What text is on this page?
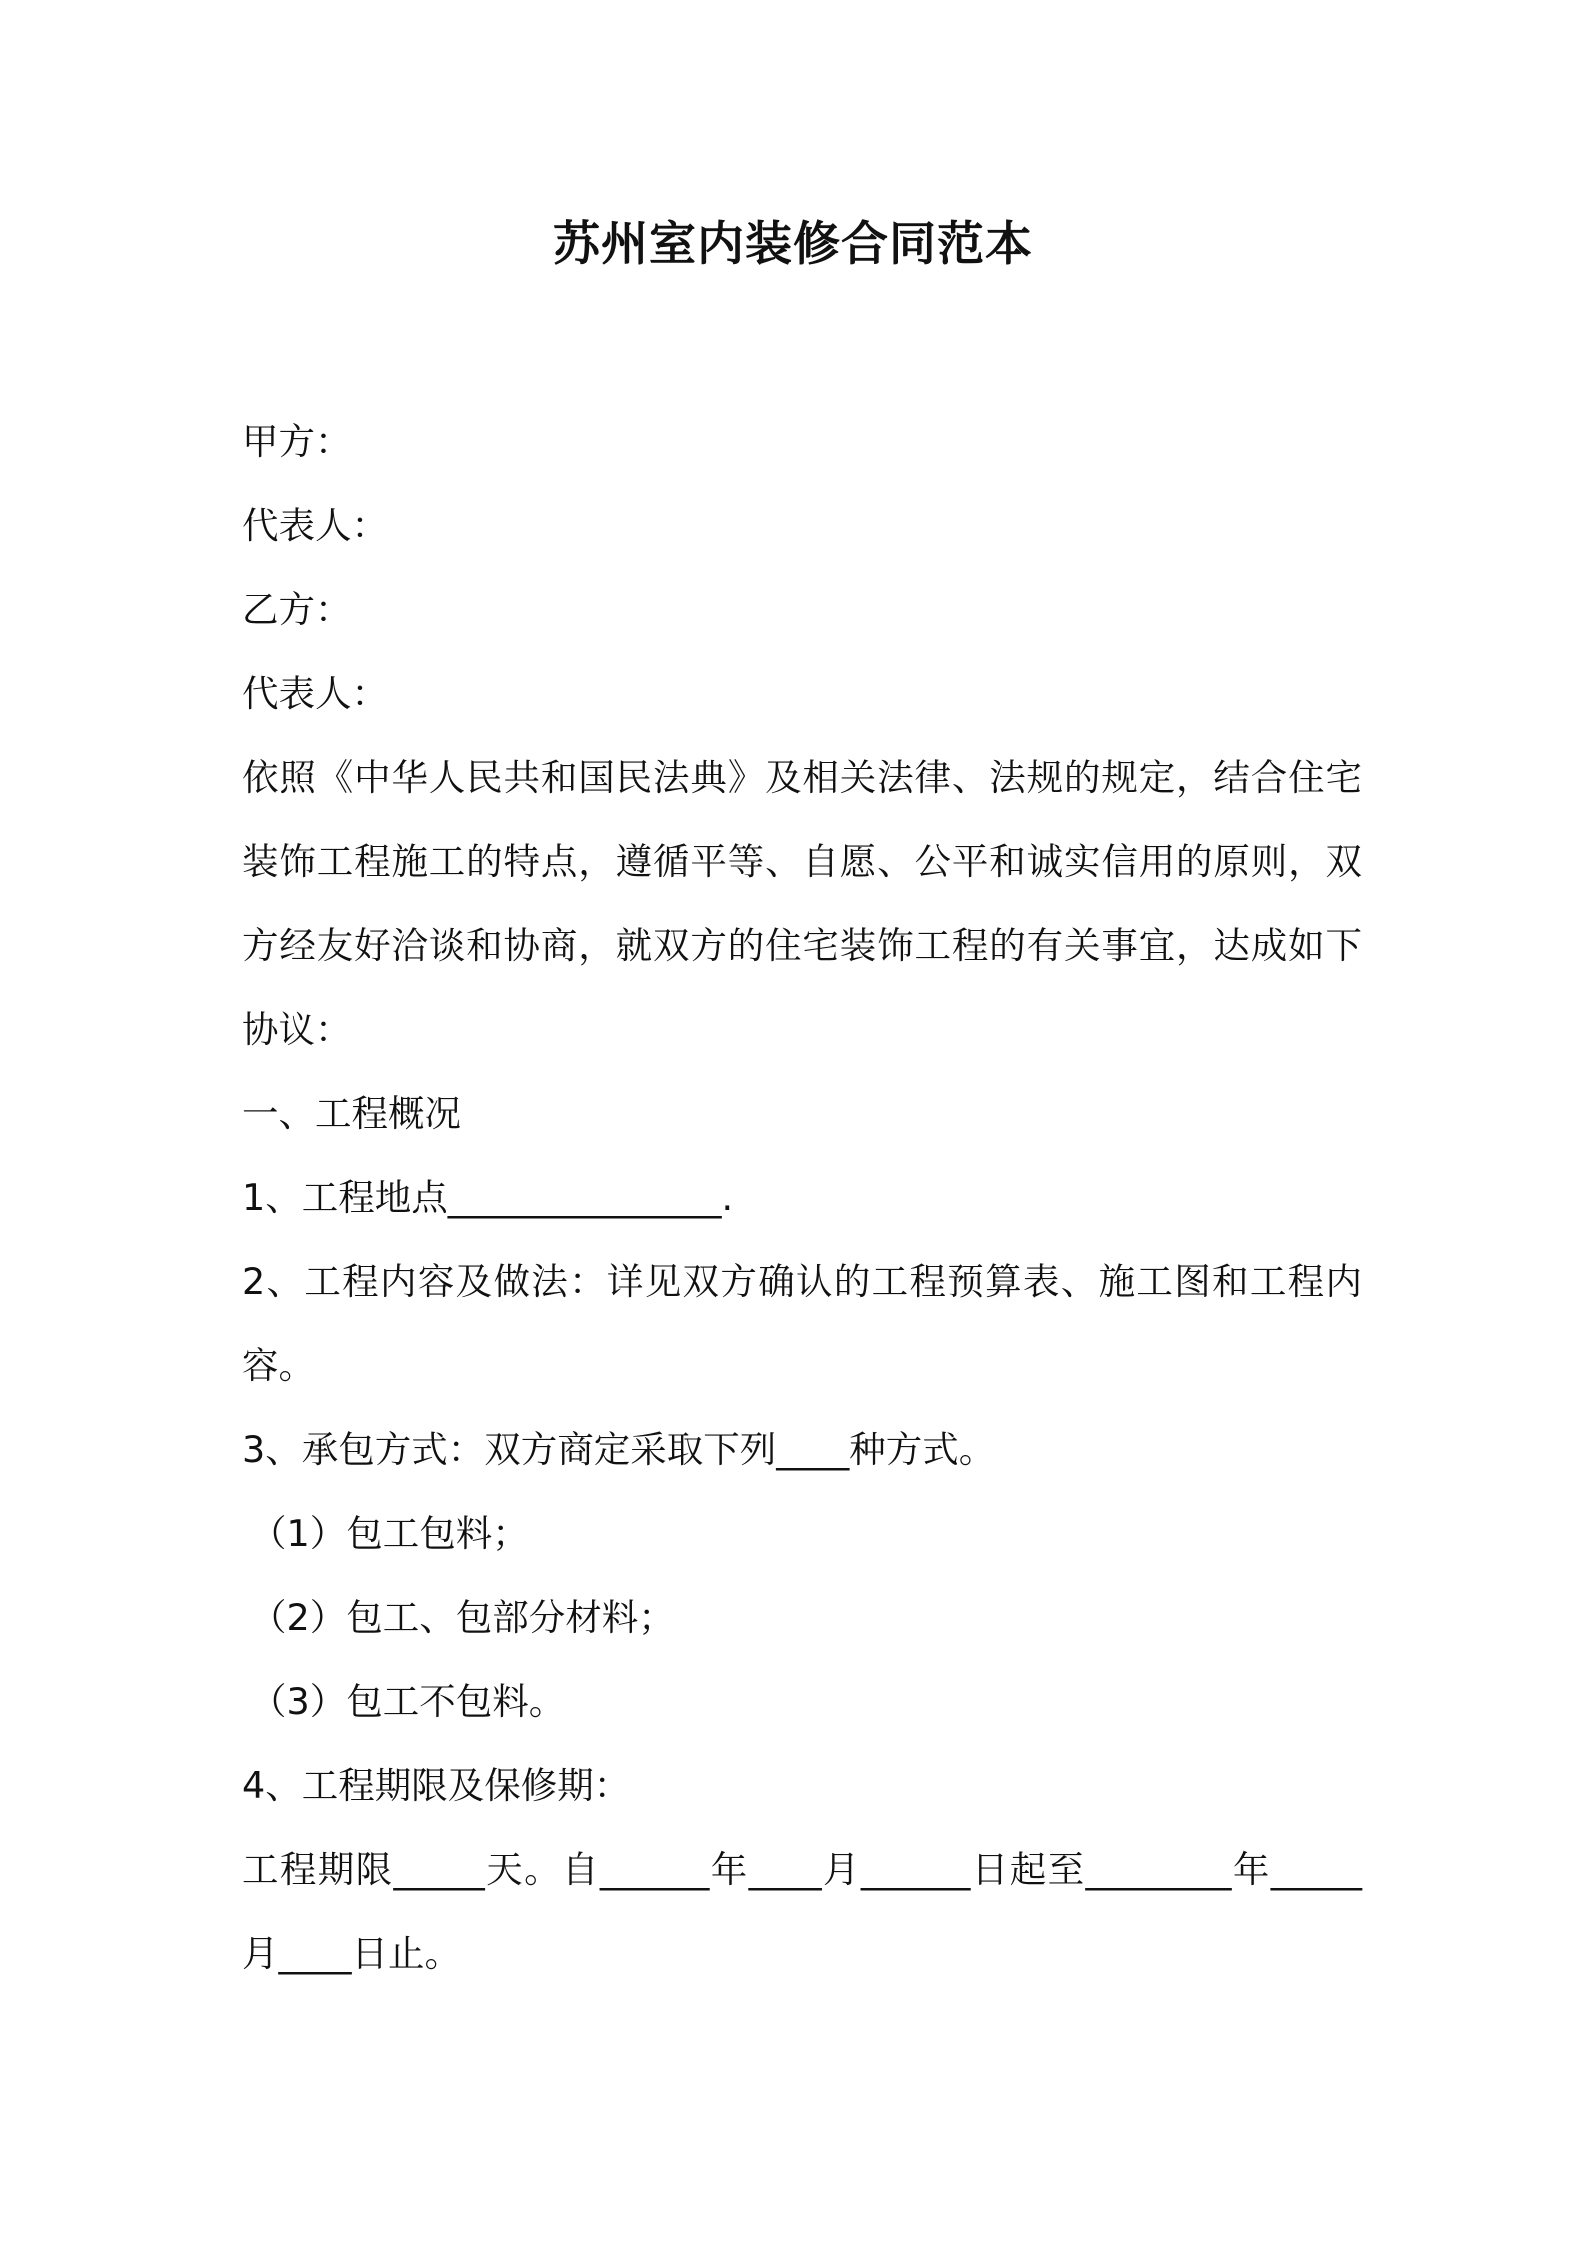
苏州室内装修合同范本

甲方：

代表人：

乙方：

代表人：

依照《中华人民共和国民法典》及相关法律、法规的规定，结合住宅装饰工程施工的特点，遵循平等、自愿、公平和诚实信用的原则，双方经友好洽谈和协商，就双方的住宅装饰工程的有关事宜，达成如下协议：

一、工程概况

1、工程地点_______________.

2、工程内容及做法：详见双方确认的工程预算表、施工图和工程内容。

3、承包方式：双方商定采取下列____种方式。

（1）包工包料；

（2）包工、包部分材料；

（3）包工不包料。

4、工程期限及保修期：

工程期限_____天。自______年____月______日起至________年_____月____日止。
